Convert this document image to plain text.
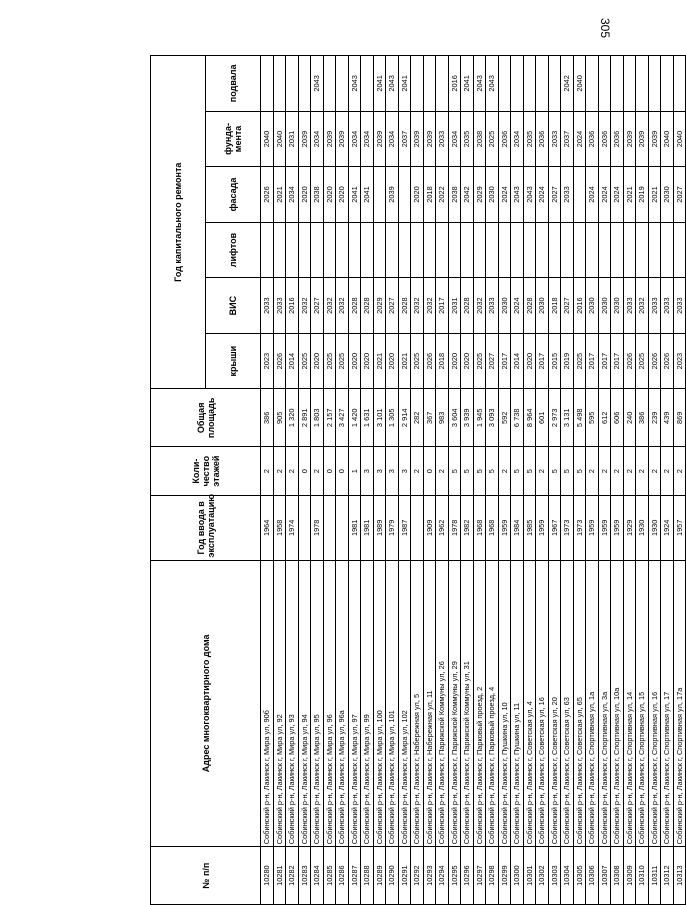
305
№ п/п	Адрес многоквартирного дома	Год ввода в эксплуатацию	Коли-чество этажей	Общая площадь	Год капитального ремонта					
					крыши	ВИС	лифтов	фасада	фунда-мента	подвала
10280	Собинский р-н, Лакинск г, Мира ул, 90б	1964	2	386	2023	2033		2026	2040	
10281	Собинский р-н, Лакинск г, Мира ул, 92	1958	2	905	2026	2033		2021	2040	
10282	Собинский р-н, Лакинск г, Мира ул, 93	1974	2	1 320	2014	2016		2034	2031	
10283	Собинский р-н, Лакинск г, Мира ул, 94		0	2 891	2025	2032		2020	2039	
10284	Собинский р-н, Лакинск г, Мира ул, 95	1978	2	1 803	2020	2027		2038	2034	2043
10285	Собинский р-н, Лакинск г, Мира ул, 96		0	2 157	2025	2032		2020	2039	
10286	Собинский р-н, Лакинск г, Мира ул, 96а		0	3 427	2025	2032		2020	2039	
10287	Собинский р-н, Лакинск г, Мира ул, 97	1981	1	1 420	2020	2028		2041	2034	2043
10288	Собинский р-н, Лакинск г, Мира ул, 99	1981	3	1 631	2020	2028		2041	2034	
10289	Собинский р-н, Лакинск г, Мира ул, 100	1989	3	3 101	2021	2029			2039	2041
10290	Собинский р-н, Лакинск г, Мира ул, 101	1979	3	1 305	2020	2027		2039	2034	2043
10291	Собинский р-н, Лакинск г, Мира ул, 102	1987	3	2 914	2021	2028			2037	2041
10292	Собинский р-н, Лакинск г, Набережная ул, 5		2	282	2025	2032		2020	2039	
10293	Собинский р-н, Лакинск г, Набережная ул, 11	1909	0	367	2026	2032		2018	2039	
10294	Собинский р-н, Лакинск г, Парижской Коммуны ул, 26	1962	2	983	2018	2017		2022	2033	
10295	Собинский р-н, Лакинск г, Парижской Коммуны ул, 29	1978	5	3 604	2020	2031		2038	2034	2016
10296	Собинский р-н, Лакинск г, Парижской Коммуны ул, 31	1982	5	3 939	2020	2028		2042	2035	2041
10297	Собинский р-н, Лакинск г, Парковый проезд, 2	1968	5	1 945	2025	2032		2029	2038	2043
10298	Собинский р-н, Лакинск г, Парковый проезд, 4	1968	5	3 093	2027	2033		2030	2025	2043
10299	Собинский р-н, Лакинск г, Пушкина ул, 10	1959	2	592	2017	2030		2024	2036	
10300	Собинский р-н, Лакинск г, Пушкина ул, 11	1984	5	6 738	2014	2024		2043	2034	
10301	Собинский р-н, Лакинск г, Советская ул, 4	1985	5	8 964	2020	2028		2043	2035	
10302	Собинский р-н, Лакинск г, Советская ул, 16	1959	2	601	2017	2030		2024	2036	
10303	Собинский р-н, Лакинск г, Советская ул, 20	1967	5	2 973	2015	2018		2027	2033	
10304	Собинский р-н, Лакинск г, Советская ул, 63	1973	5	3 131	2019	2027		2033	2037	2042
10305	Собинский р-н, Лакинск г, Советская ул, 65	1973	5	5 498	2025	2016			2024	2040
10306	Собинский р-н, Лакинск г, Спортивная ул, 1а	1959	2	595	2017	2030		2024	2036	
10307	Собинский р-н, Лакинск г, Спортивная ул, 3а	1959	2	612	2017	2030		2024	2036	
10308	Собинский р-н, Лакинск г, Спортивная ул, 10а	1959	2	606	2017	2030		2024	2036	
10309	Собинский р-н, Лакинск г, Спортивная ул, 14	1929	2	240	2026	2033		2021	2039	
10310	Собинский р-н, Лакинск г, Спортивная ул, 15	1930	2	386	2025	2032		2019	2039	
10311	Собинский р-н, Лакинск г, Спортивная ул, 16	1930	2	239	2026	2033		2021	2039	
10312	Собинский р-н, Лакинск г, Спортивная ул, 17	1924	2	439	2026	2033		2030	2040	
10313	Собинский р-н, Лакинск г, Спортивная ул, 17а	1957	2	869	2023	2033		2027	2040	
